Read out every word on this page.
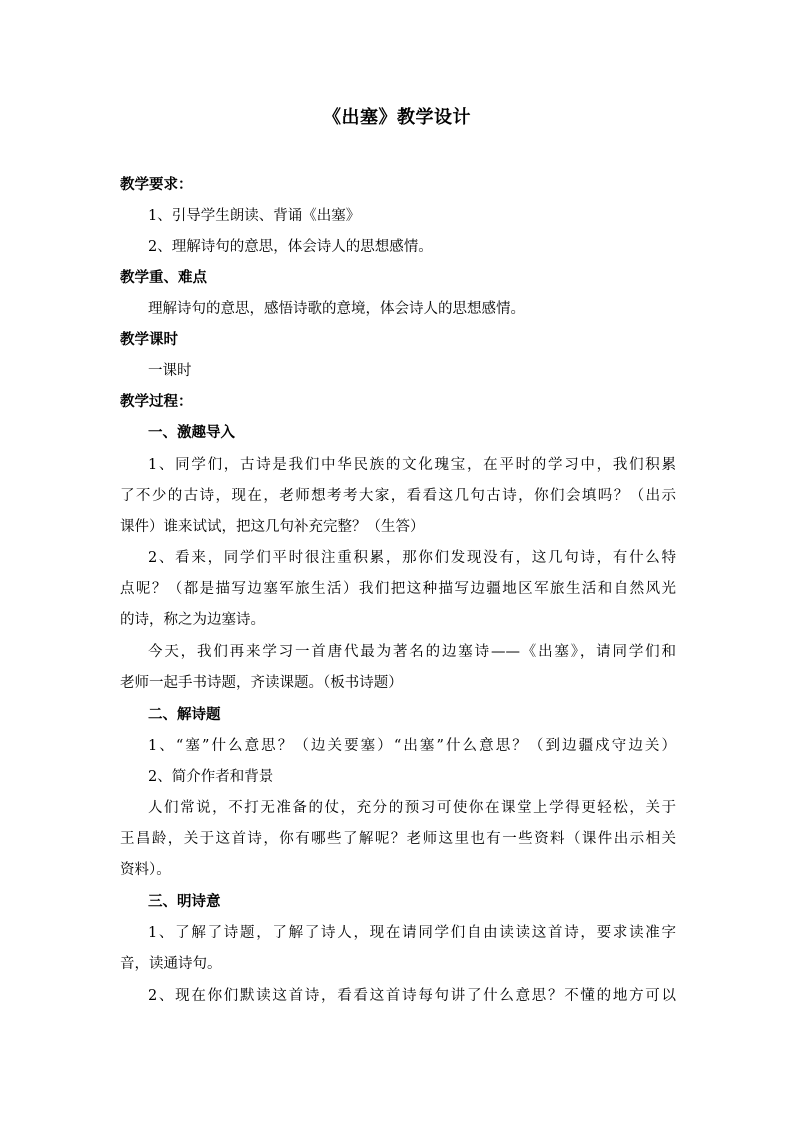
《出塞》教学设计
教学要求：
1、引导学生朗读、背诵《出塞》
2、理解诗句的意思，体会诗人的思想感情。
教学重、难点
理解诗句的意思，感悟诗歌的意境，体会诗人的思想感情。
教学课时
一课时
教学过程：
一、激趣导入
1、同学们，古诗是我们中华民族的文化瑰宝，在平时的学习中，我们积累
了不少的古诗，现在，老师想考考大家，看看这几句古诗，你们会填吗？（出示
课件）谁来试试，把这几句补充完整？（生答）
2、看来，同学们平时很注重积累，那你们发现没有，这几句诗，有什么特
点呢？（都是描写边塞军旅生活）我们把这种描写边疆地区军旅生活和自然风光
的诗，称之为边塞诗。
今天，我们再来学习一首唐代最为著名的边塞诗——《出塞》，请同学们和
老师一起手书诗题，齐读课题。（板书诗题）
二、解诗题
1、“塞”什么意思？（边关要塞）“出塞”什么意思？（到边疆戍守边关）
2、简介作者和背景
人们常说，不打无准备的仗，充分的预习可使你在课堂上学得更轻松，关于
王昌龄，关于这首诗，你有哪些了解呢？老师这里也有一些资料（课件出示相关
资料）。
三、明诗意
1、了解了诗题，了解了诗人，现在请同学们自由读读这首诗，要求读准字
音，读通诗句。
2、现在你们默读这首诗，看看这首诗每句讲了什么意思？不懂的地方可以
